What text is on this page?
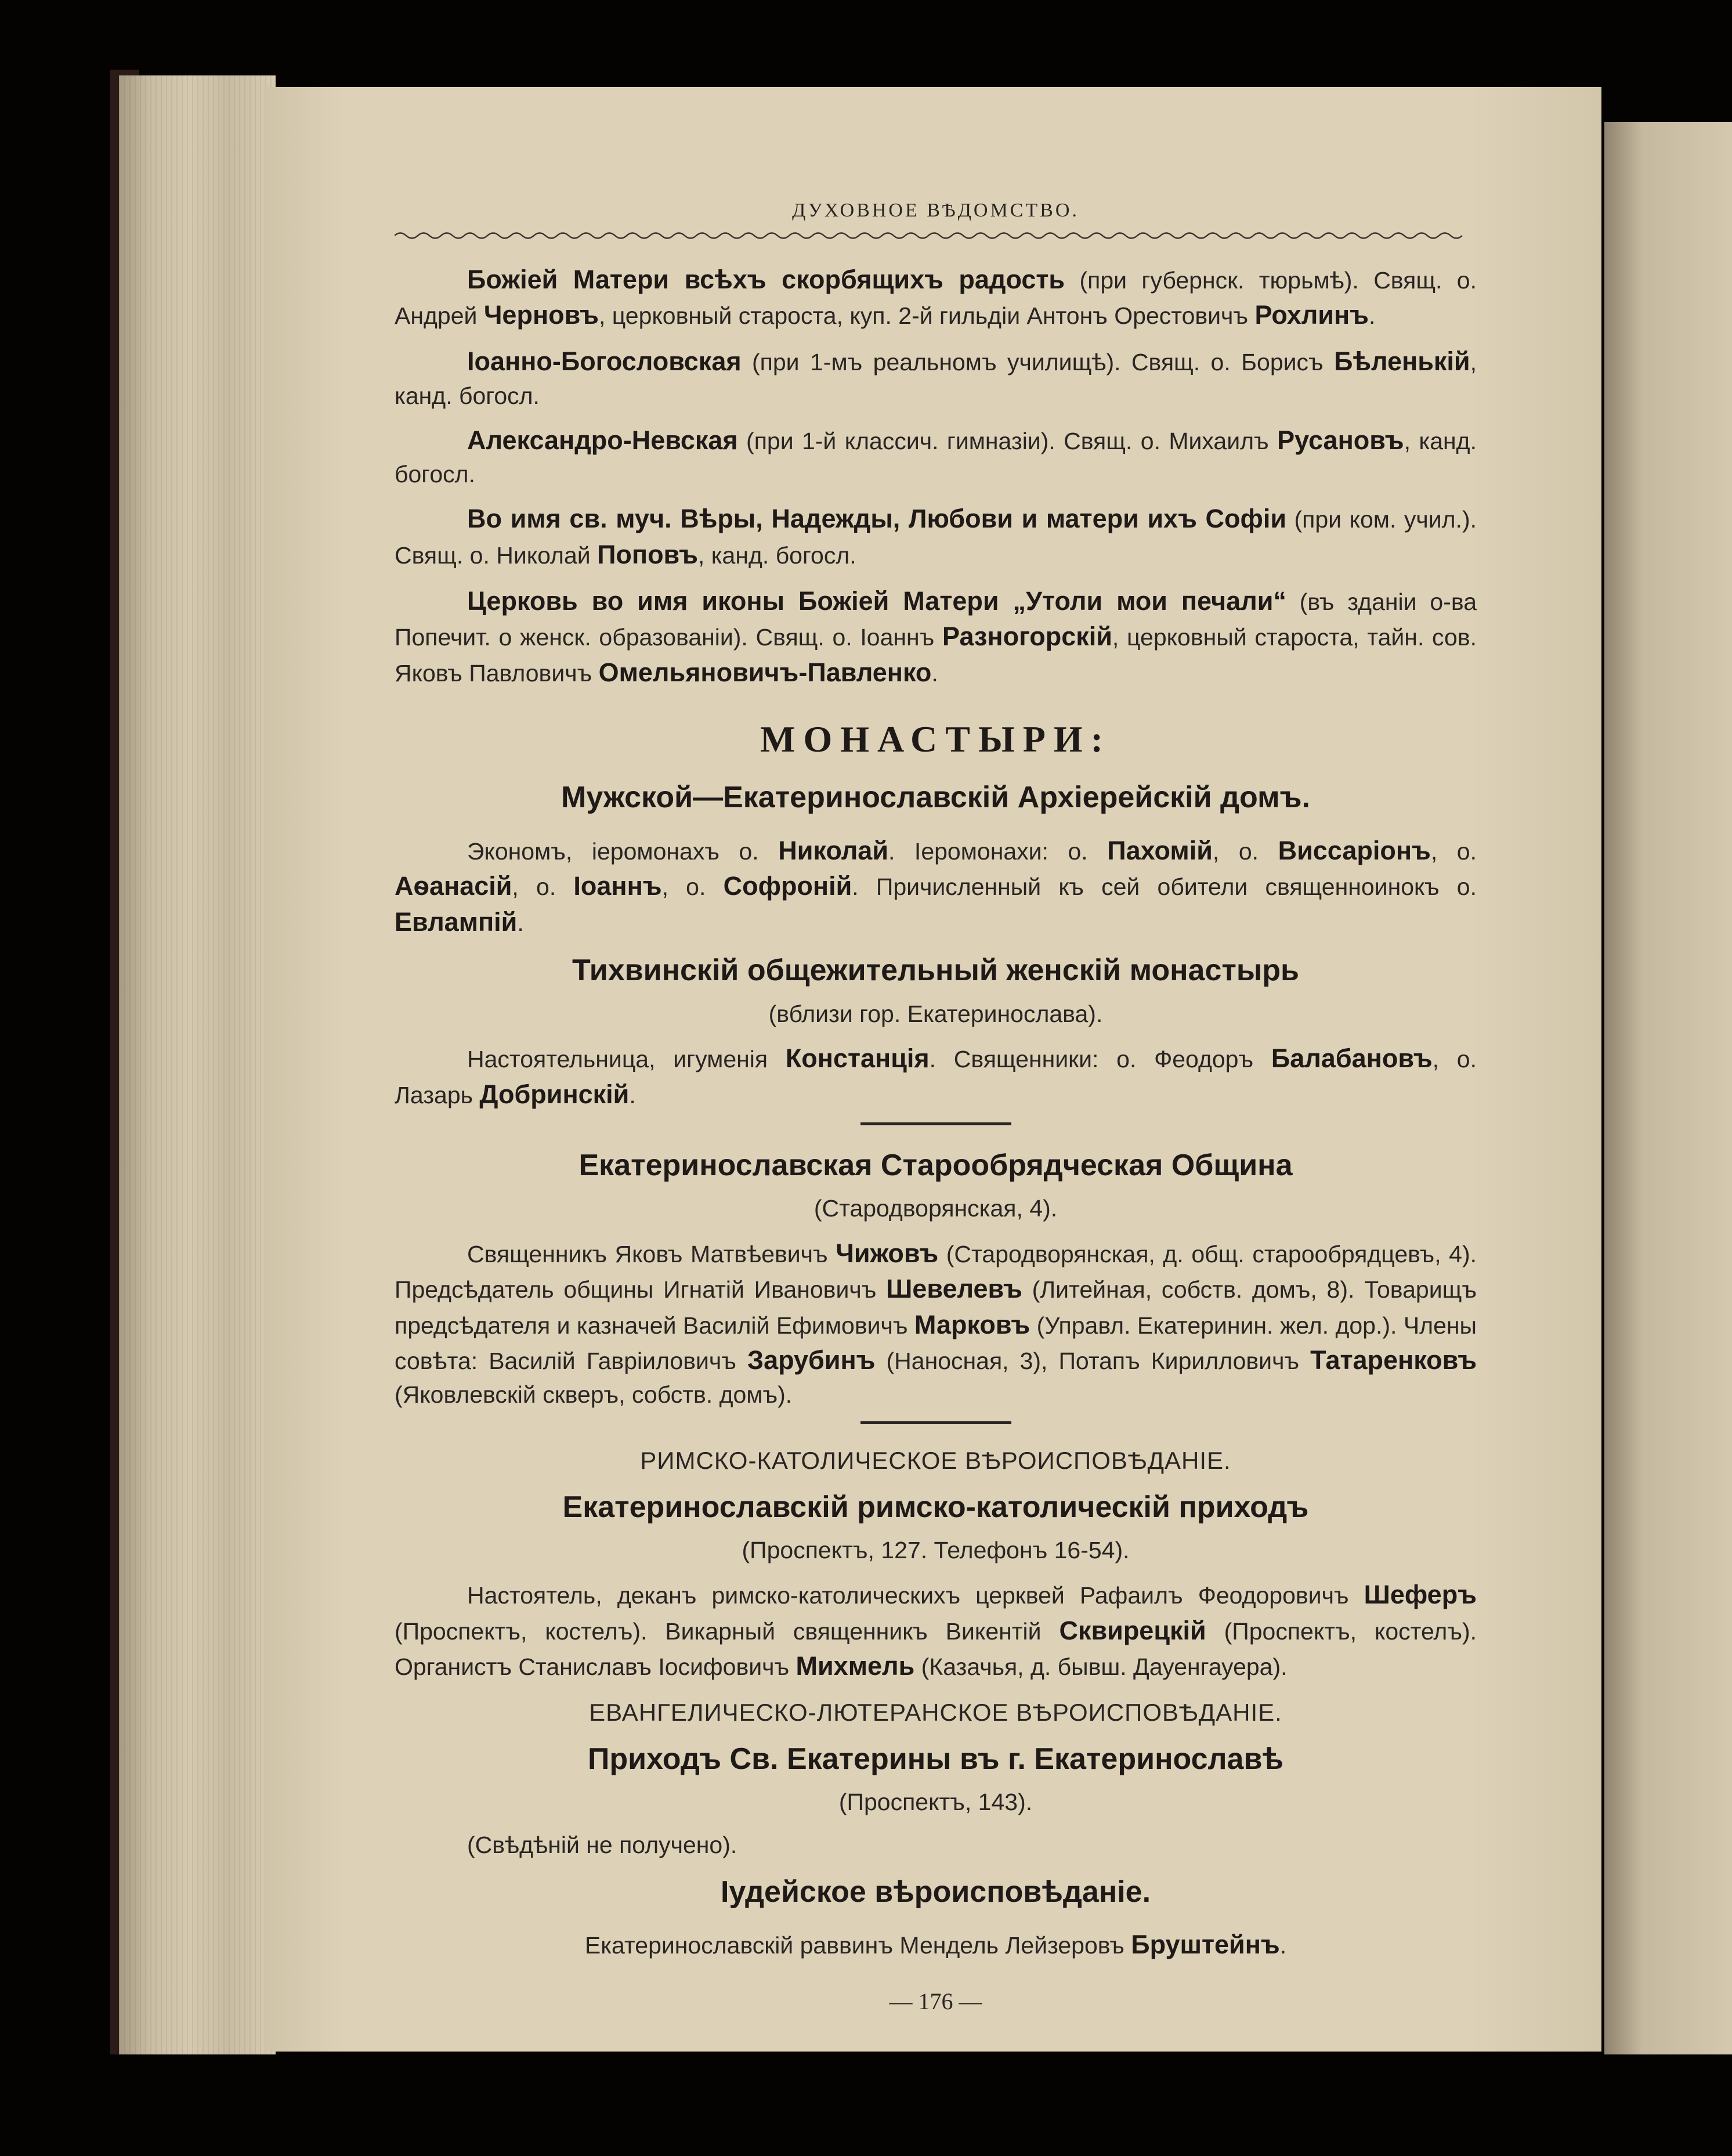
ДУХОВНОЕ ВѢДОМСТВО.

Божіей Матери всѣхъ скорбящихъ радость (при губернск. тюрьмѣ). Свящ. о. Андрей Черновъ, церковный староста, куп. 2-й гильдіи Антонъ Орестовичъ Рохлинъ.

Іоанно-Богословская (при 1-мъ реальномъ училищѣ). Свящ. о. Борисъ Бѣленькій, канд. богосл.

Александро-Невская (при 1-й классич. гимназіи). Свящ. о. Михаилъ Русановъ, канд. богосл.

Во имя св. муч. Вѣры, Надежды, Любови и матери ихъ Софіи (при ком. учил.). Свящ. о. Николай Поповъ, канд. богосл.

Церковь во имя иконы Божіей Матери „Утоли мои печали“ (въ зданіи о-ва Попечит. о женск. образованіи). Свящ. о. Іоаннъ Разногорскій, церковный староста, тайн. сов. Яковъ Павловичъ Омельяновичъ-Павленко.

МОНАСТЫРИ:
Мужской—Екатеринославскій Архіерейскій домъ.

Экономъ, іеромонахъ о. Николай. Іеромонахи: о. Пахомій, о. Виссаріонъ, о. Аѳанасій, о. Іоаннъ, о. Софроній. Причисленный къ сей обители священноинокъ о. Евлампій.

Тихвинскій общежительный женскій монастырь
(вблизи гор. Екатеринослава).

Настоятельница, игуменія Констанція. Священники: о. Феодоръ Балабановъ, о. Лазарь Добринскій.

Екатеринославская Старообрядческая Община
(Стародворянская, 4).

Священникъ Яковъ Матвѣевичъ Чижовъ (Стародворянская, д. общ. старообрядцевъ, 4). Предсѣдатель общины Игнатій Ивановичъ Шевелевъ (Литейная, собств. домъ, 8). Товарищъ предсѣдателя и казначей Василій Ефимовичъ Марковъ (Управл. Екатеринин. жел. дор.). Члены совѣта: Василій Гавріиловичъ Зарубинъ (Наносная, 3), Потапъ Кирилловичъ Татаренковъ (Яковлевскій скверъ, собств. домъ).

РИМСКО-КАТОЛИЧЕСКОЕ ВѢРОИСПОВѢДАНІЕ.
Екатеринославскій римско-католическій приходъ
(Проспектъ, 127. Телефонъ 16-54).

Настоятель, деканъ римско-католическихъ церквей Рафаилъ Феодоровичъ Шеферъ (Проспектъ, костелъ). Викарный священникъ Викентій Сквирецкій (Проспектъ, костелъ). Органистъ Станиславъ Іосифовичъ Михмель (Казачья, д. бывш. Дауенгауера).

ЕВАНГЕЛИЧЕСКО-ЛЮТЕРАНСКОЕ ВѢРОИСПОВѢДАНІЕ.
Приходъ Св. Екатерины въ г. Екатеринославѣ
(Проспектъ, 143).

(Свѣдѣній не получено).

Іудейское вѣроисповѣданіе.

Екатеринославскій раввинъ Мендель Лейзеровъ Бруштейнъ.

— 176 —
